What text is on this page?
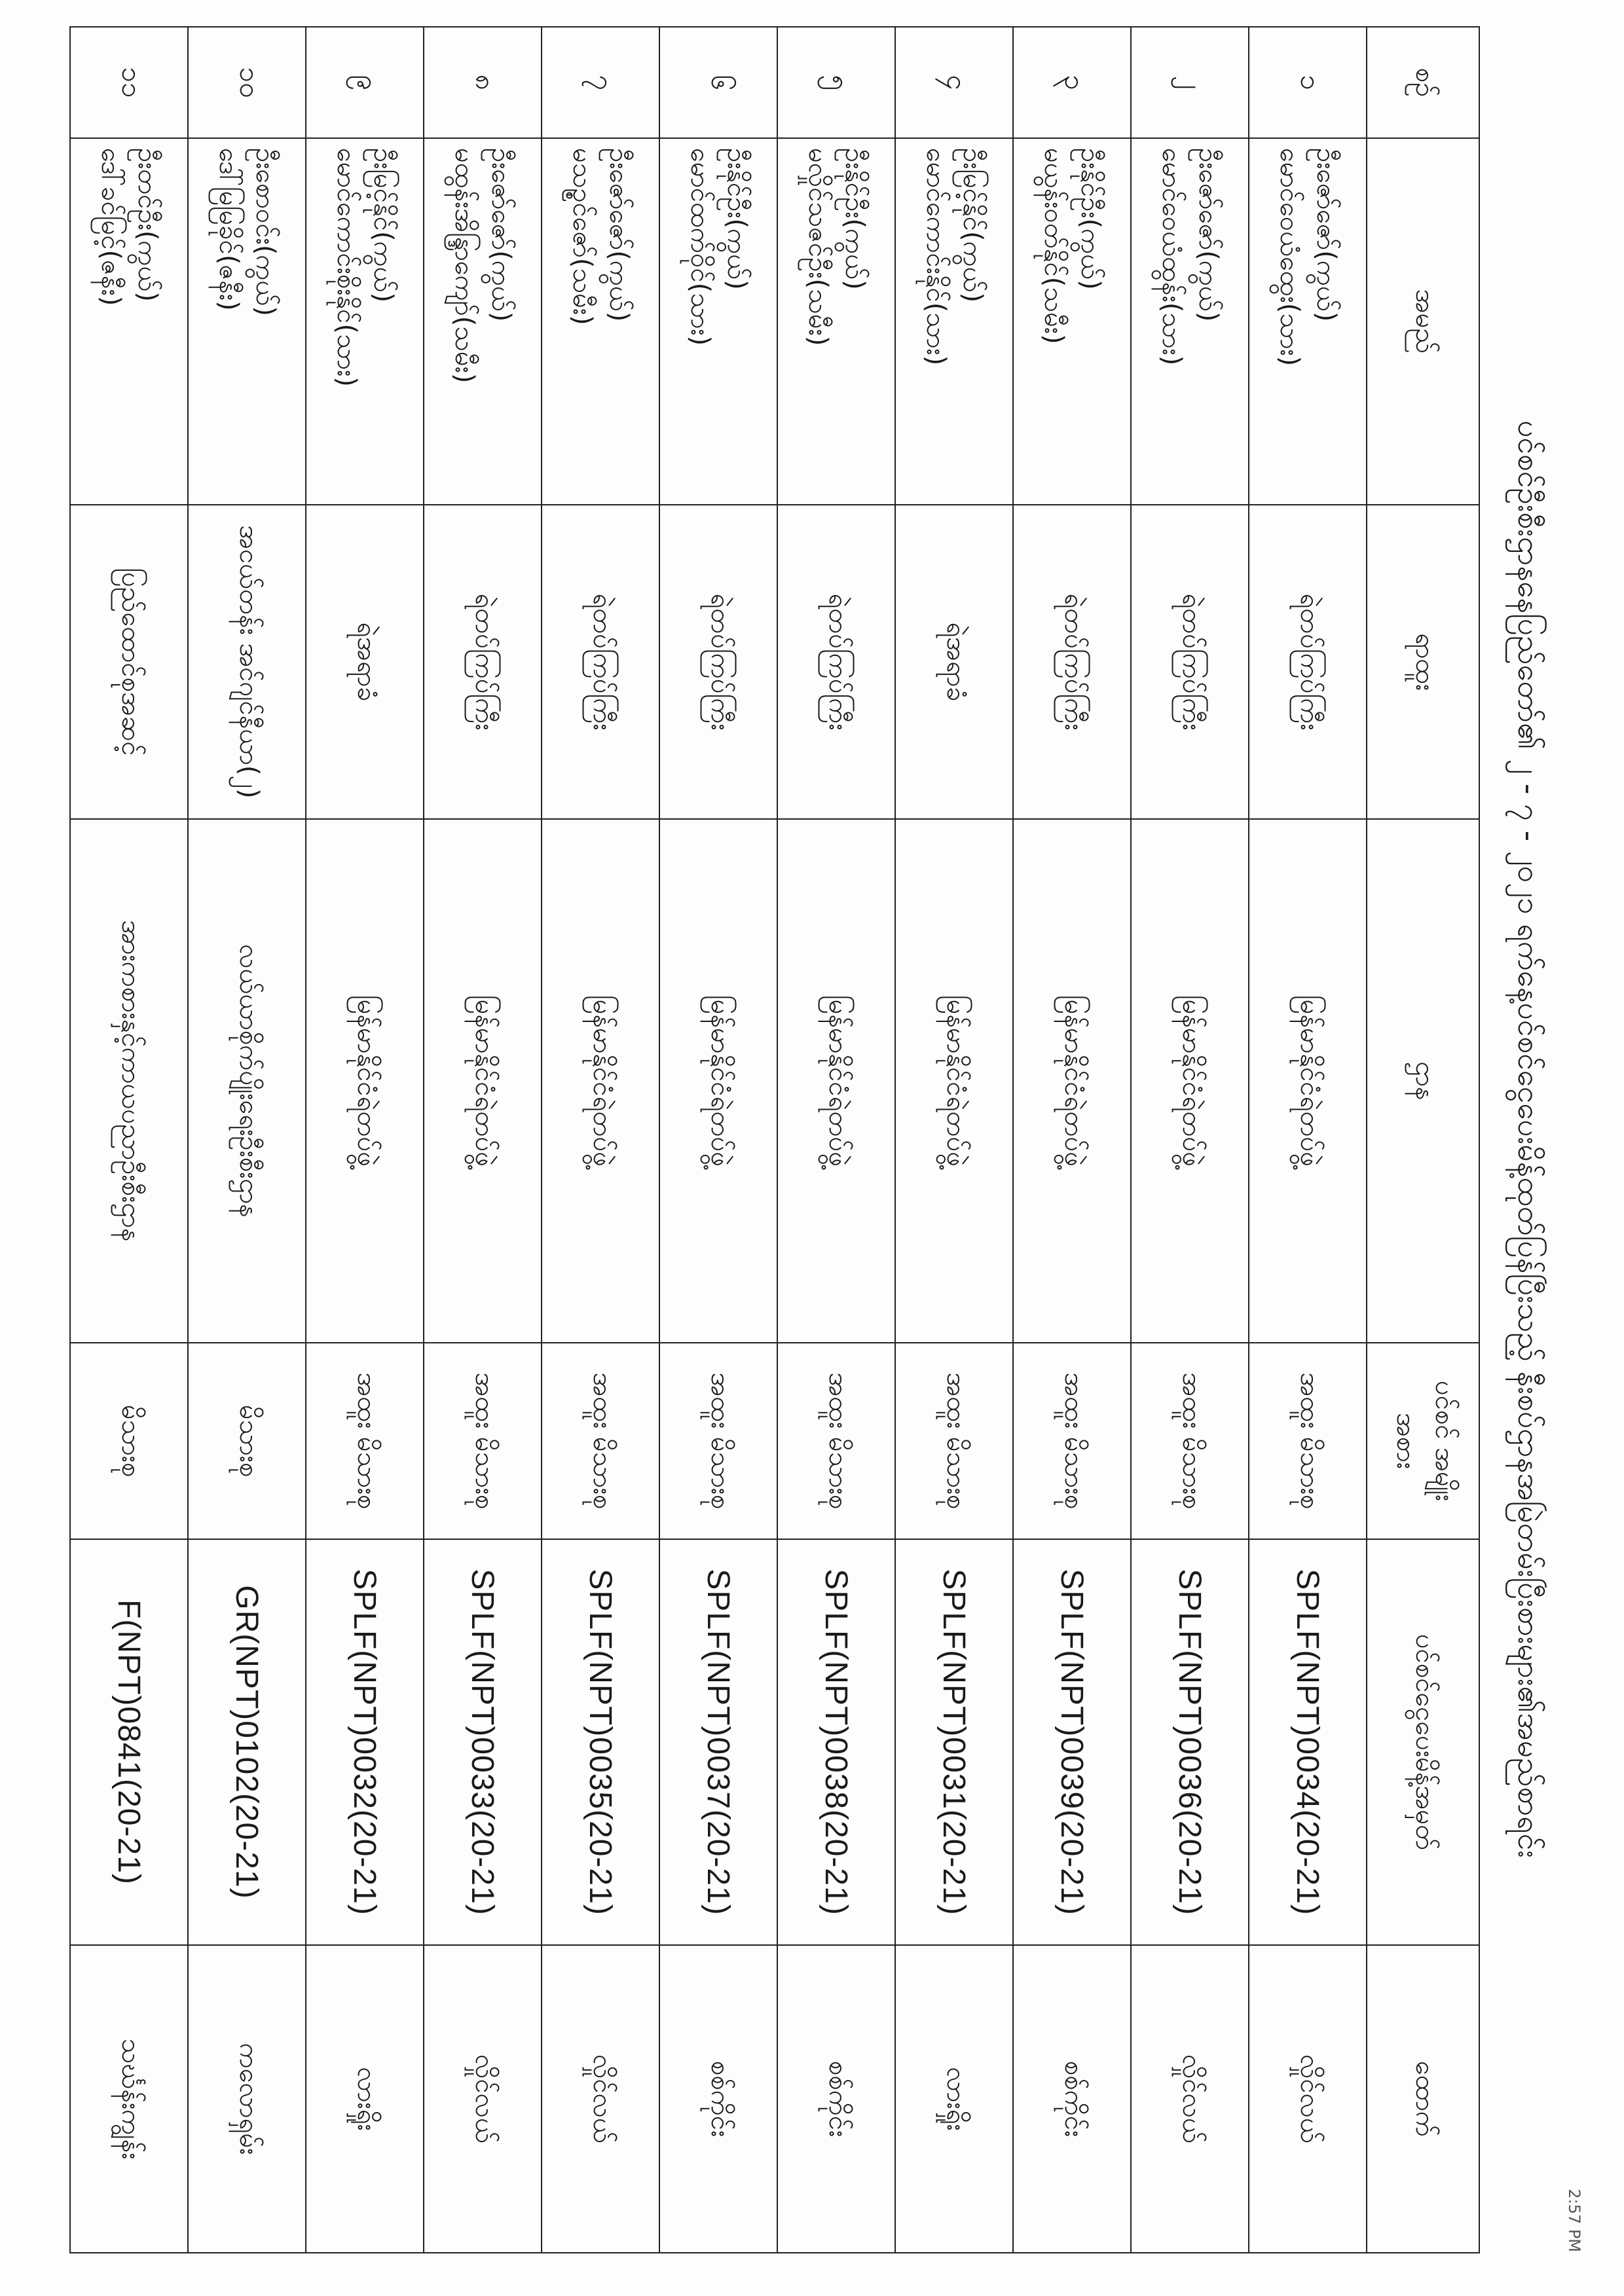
2:57 PM
ပင်စင်ဦးစီးဌာနနေပြည်တော်၏ ၂ - ၇ - ၂၀၂၁ ရက်နေ့ပင်စင်ငွေပေးမိန့်ထုတ်ပြန်ပြီးသည့် နီးစပ်ဌာနအမြဲတမ်းပြီးစားများ၏အမည်စာရင်း
စဉ်	အမည်	ရာထူး	ဌာန	ပင်စင် အမျိုးအစား	ပင်စင်ငွေပေးမိန့်အမှတ်	ထောက်
၁	ဦးဇော်ဇော်(ကွယ်)
မောင်ဝေယံထွေး(သား)	ရဲတပ်ကြပ်ကြီး	မြန်မာနိုင်ငံရဲတပ်ဖွဲ့	အထူး မိသားစု	SPLF(NPT)0034(20-21)	လှိုင်လယ်
၂	ဦးဇော်ဇော်(ကွယ်)
မောင်ဝေယံထွန်း(သား)	ရဲတပ်ကြပ်ကြီး	မြန်မာနိုင်ငံရဲတပ်ဖွဲ့	အထူး မိသားစု	SPLF(NPT)0036(20-21)	လှိုင်လယ်
၃	ဦးနိုင်ဦး(ကွယ်)
မယွန်းဝတ်နိုင်(သမီး)	ရဲတပ်ကြပ်ကြီး	မြန်မာနိုင်ငံရဲတပ်ဖွဲ့	အထူး မိသားစု	SPLF(NPT)0039(20-21)	စစ်ကိုင်း
၄	ဦးမြင့်နိုင်(ကွယ်)
မောင်ကောင်းနိုင်(သား)	ရဲအရာခံ	မြန်မာနိုင်ငံရဲတပ်ဖွဲ့	အထူး မိသားစု	SPLF(NPT)0031(20-21)	လားရှိုး
၅	ဦးနိုင်ဦး(ကွယ်)
မလှိုင်သဇင်ဦး(သမီး)	ရဲတပ်ကြပ်ကြီး	မြန်မာနိုင်ငံရဲတပ်ဖွဲ့	အထူး မိသားစု	SPLF(NPT)0038(20-21)	စစ်ကိုင်း
၆	ဦးနိုင်ဦး(ကွယ်)
မောင်ထက်ဝိုင်(သား)	ရဲတပ်ကြပ်ကြီး	မြန်မာနိုင်ငံရဲတပ်ဖွဲ့	အထူး မိသားစု	SPLF(NPT)0037(20-21)	စစ်ကိုင်း
၇	ဦးဇော်ဇော်(ကွယ်)
မသဉ္စင်ဇော်(သမီး)	ရဲတပ်ကြပ်ကြီး	မြန်မာနိုင်ငံရဲတပ်ဖွဲ့	အထူး မိသားစု	SPLF(NPT)0035(20-21)	လှိုင်လယ်
၈	ဦးဇော်ဇော်(ကွယ်)
မထွန်းအိန္ဒြာကျော်(သမီး)	ရဲတပ်ကြပ်ကြီး	မြန်မာနိုင်ငံရဲတပ်ဖွဲ့	အထူး မိသားစု	SPLF(NPT)0033(20-21)	လှိုင်လယ်
၉	ဦးမြင့်နိုင်(ကွယ်)
မောင်ကောင်းစိုးနိုင်(သား)	ရဲအရာခံ	မြန်မာနိုင်ငံရဲတပ်ဖွဲ့	အထူး မိသားစု	SPLF(NPT)0032(20-21)	လားရှိုး
၁၀	ဦးစောဝင်း(ကွယ်)
ဒေါ်မြမြခိုင်(ဇနီး)	အငယ်တန်း အင်ဂျင်နီယာ(၂)	လယ်ယာစိုက်ပျိုးရေးဦးစီးဌာန	မိသားစု	GR(NPT)0102(20-21)	ကလောရှမ်း
၁၁	ဦးတင်ဦး(ကွယ်)
ဒေါ်ခင်မြင့်(ဇနီး)	ပြည်ထောင်စုအဆင့်	အားကစားနှင့်ကာယပညာဦးစီးဌာန	မိသားစု	F(NPT)0841(20-21)	သင်္ဃန်းကျွန်း
